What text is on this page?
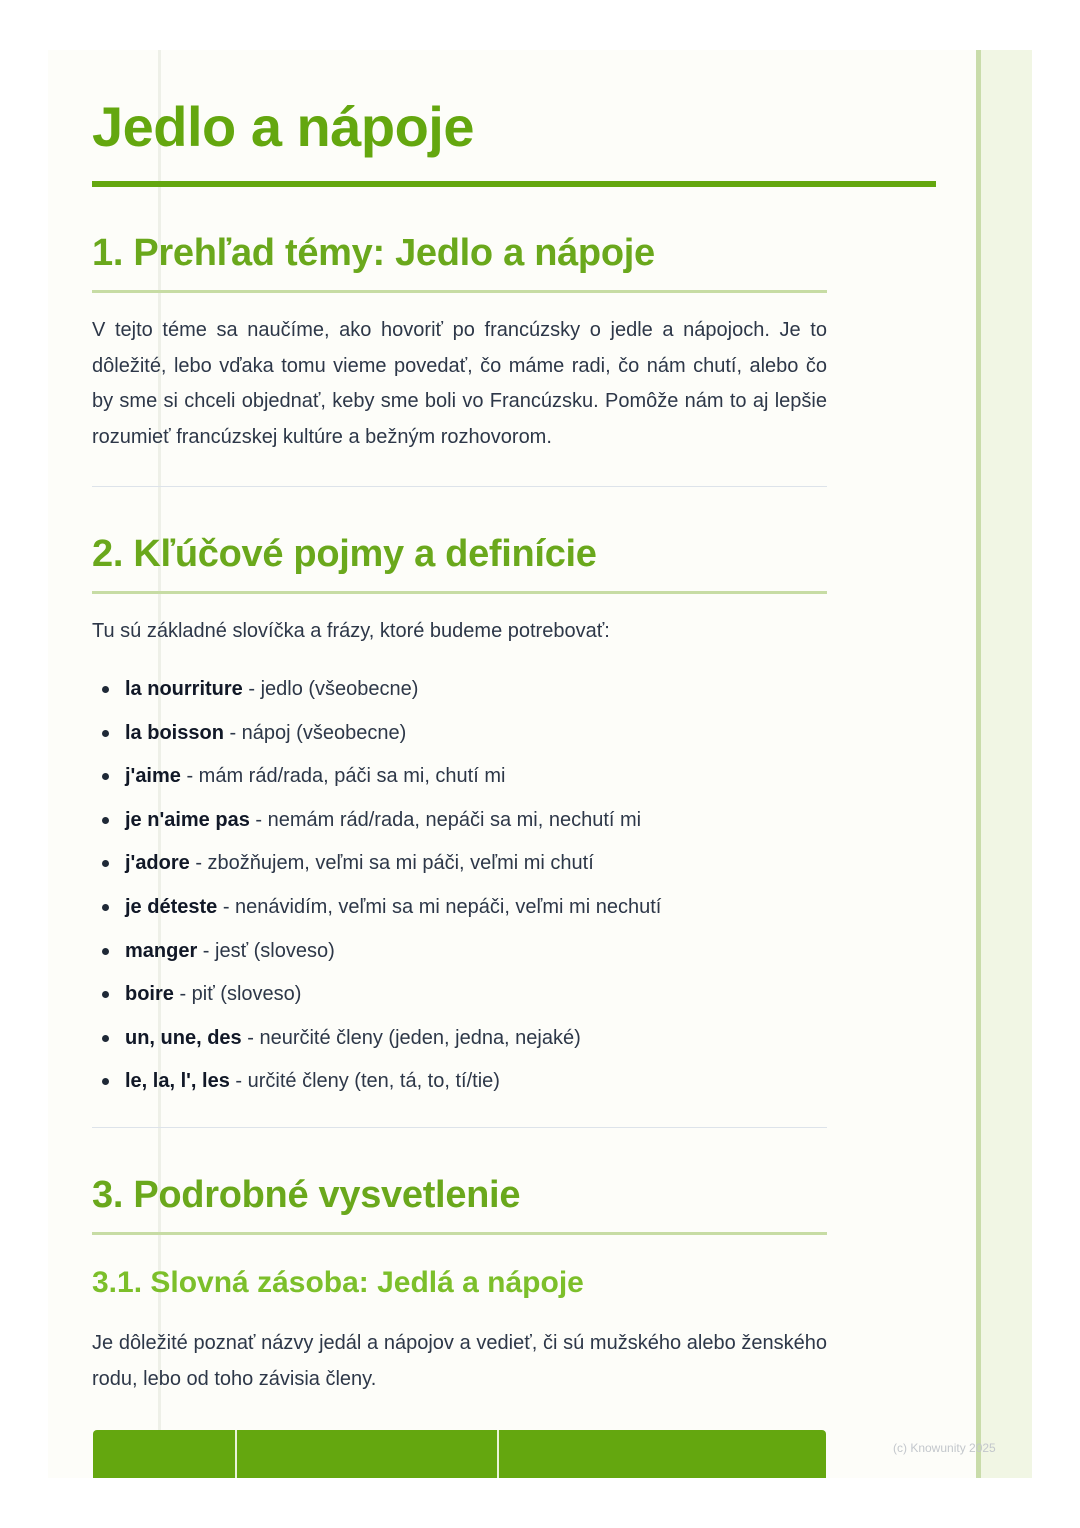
Jedlo a nápoje
1. Prehľad témy: Jedlo a nápoje

V tejto téme sa naučíme, ako hovoriť po francúzsky o jedle a nápojoch. Je to dôležité, lebo vďaka tomu vieme povedať, čo máme radi, čo nám chutí, alebo čo by sme si chceli objednať, keby sme boli vo Francúzsku. Pomôže nám to aj lepšie rozumieť francúzskej kultúre a bežným rozhovorom.

2. Kľúčové pojmy a definície

Tu sú základné slovíčka a frázy, ktoré budeme potrebovať:

la nourriture - jedlo (všeobecne)
la boisson - nápoj (všeobecne)
j'aime - mám rád/rada, páči sa mi, chutí mi
je n'aime pas - nemám rád/rada, nepáči sa mi, nechutí mi
j'adore - zbožňujem, veľmi sa mi páči, veľmi mi chutí
je déteste - nenávidím, veľmi sa mi nepáči, veľmi mi nechutí
manger - jesť (sloveso)
boire - piť (sloveso)
un, une, des - neurčité členy (jeden, jedna, nejaké)
le, la, l', les - určité členy (ten, tá, to, tí/tie)
3. Podrobné vysvetlenie
3.1. Slovná zásoba: Jedlá a nápoje

Je dôležité poznať názvy jedál a nápojov a vedieť, či sú mužského alebo ženského rodu, lebo od toho závisia členy.

(c) Knowunity 2025
